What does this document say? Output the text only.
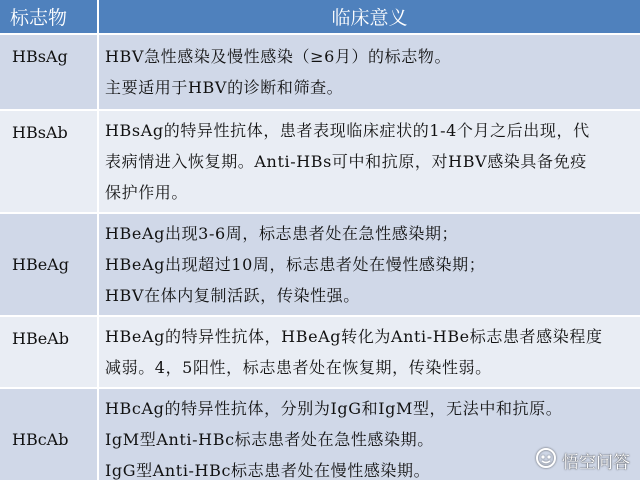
标志物	临床意义
HBsAg	HBV急性感染及慢性感染（≥6月）的标志物。
主要适用于HBV的诊断和筛查。

HBsAb	HBsAg的特异性抗体，患者表现临床症状的1-4个月之后出现，代
表病情进入恢复期。Anti-HBs可中和抗原，对HBV感染具备免疫
保护作用。

HBeAg	HBeAg出现3-6周，标志患者处在急性感染期；
HBeAg出现超过10周，标志患者处在慢性感染期；
HBV在体内复制活跃，传染性强。

HBeAb	HBeAg的特异性抗体，HBeAg转化为Anti-HBe标志患者感染程度
减弱。4，5阳性，标志患者处在恢复期，传染性弱。

HBcAb	HBcAg的特异性抗体，分别为IgG和IgM型，无法中和抗原。
IgM型Anti-HBc标志患者处在急性感染期。
IgG型Anti-HBc标志患者处在慢性感染期。	悟空问答
